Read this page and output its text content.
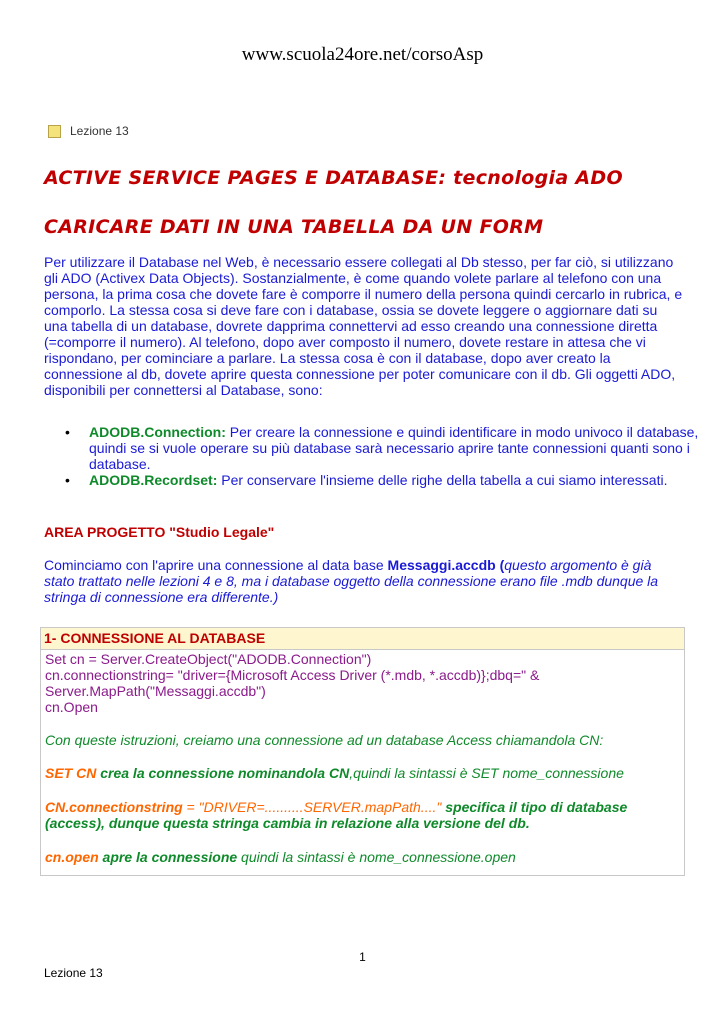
www.scuola24ore.net/corsoAsp
Lezione 13
ACTIVE SERVICE PAGES E DATABASE: tecnologia ADO
CARICARE DATI IN UNA TABELLA DA UN FORM
Per utilizzare il Database nel Web, è necessario essere collegati al Db stesso, per far ciò, si utilizzano gli ADO (Activex Data Objects). Sostanzialmente, è come quando volete parlare al telefono con una persona, la prima cosa che dovete fare è comporre il numero della persona quindi cercarlo in rubrica, e comporlo. La stessa cosa si deve fare con i database, ossia se dovete leggere o aggiornare dati su una tabella di un database, dovrete dapprima connettervi ad esso creando una connessione diretta (=comporre il numero). Al telefono, dopo aver composto il numero, dovete restare in attesa che vi rispondano, per cominciare a parlare. La stessa cosa è con il database, dopo aver creato la connessione al db, dovete aprire questa connessione per poter comunicare con il db. Gli oggetti ADO, disponibili per connettersi al Database, sono:
• ADODB.Connection: Per creare la connessione e quindi identificare in modo univoco il database, quindi se si vuole operare su più database sarà necessario aprire tante connessioni quanti sono i database.
• ADODB.Recordset: Per conservare l'insieme delle righe della tabella a cui siamo interessati.
AREA PROGETTO "Studio Legale"
Cominciamo con l'aprire una connessione al data base Messaggi.accdb (questo argomento è già stato trattato nelle lezioni 4 e 8, ma i database oggetto della connessione erano file .mdb dunque la stringa di connessione era differente.)
1- CONNESSIONE AL DATABASE

Set cn = Server.CreateObject("ADODB.Connection")

cn.connectionstring= "driver={Microsoft Access Driver (*.mdb, *.accdb)};dbq=" &

Server.MapPath("Messaggi.accdb")

cn.Open

Con queste istruzioni, creiamo una connessione ad un database Access chiamandola CN:

SET CN crea la connessione nominandola CN,quindi la sintassi è SET nome_connessione

CN.connectionstring = "DRIVER=..........SERVER.mapPath...." specifica il tipo di database (access), dunque questa stringa cambia in relazione alla versione del db.

cn.open apre la connessione quindi la sintassi è nome_connessione.open

1
Lezione 13
